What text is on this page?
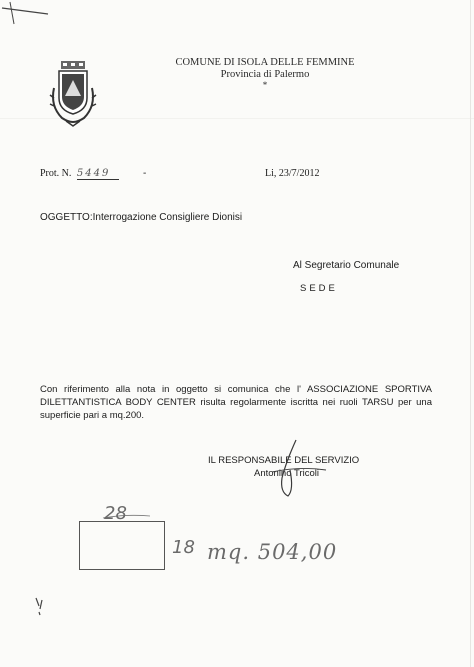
COMUNE DI ISOLA DELLE FEMMINE
Provincia di Palermo
*
Prot. N. 5449	-	Li, 23/7/2012
OGGETTO:Interrogazione Consigliere Dionisi
Al Segretario Comunale
SEDE
Con riferimento alla nota in oggetto si comunica che l' ASSOCIAZIONE SPORTIVA DILETTANTISTICA BODY CENTER risulta regolarmente iscritta nei ruoli TARSU per una superficie pari a mq.200.
IL RESPONSABILE DEL SERVIZIO
Antonino Tricoli
28
18 mq. 504,00
